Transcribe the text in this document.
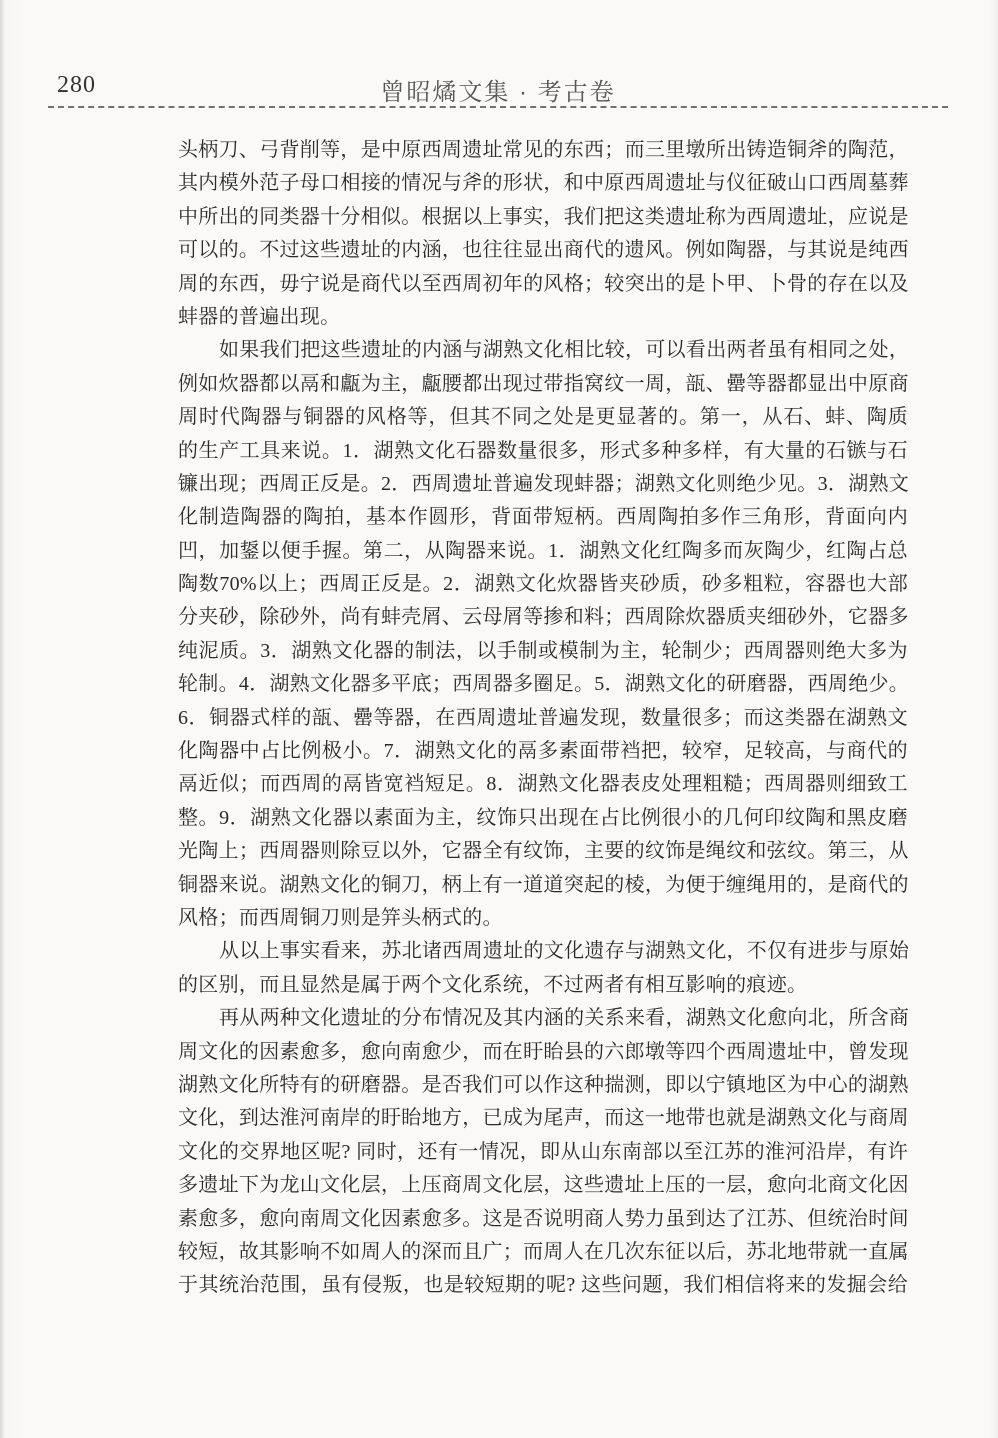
280	曾昭燏文集 · 考古卷
头柄刀、弓背削等，是中原西周遗址常见的东西；而三里墩所出铸造铜斧的陶范，
其内模外范子母口相接的情况与斧的形状，和中原西周遗址与仪征破山口西周墓葬
中所出的同类器十分相似。根据以上事实，我们把这类遗址称为西周遗址，应说是
可以的。不过这些遗址的内涵，也往往显出商代的遗风。例如陶器，与其说是纯西
周的东西，毋宁说是商代以至西周初年的风格；较突出的是卜甲、卜骨的存在以及
蚌器的普遍出现。
如果我们把这些遗址的内涵与湖熟文化相比较，可以看出两者虽有相同之处，
例如炊器都以鬲和甗为主，甗腰都出现过带指窝纹一周，瓿、罍等器都显出中原商
周时代陶器与铜器的风格等，但其不同之处是更显著的。第一，从石、蚌、陶质
的生产工具来说。1．湖熟文化石器数量很多，形式多种多样，有大量的石镞与石
镰出现；西周正反是。2．西周遗址普遍发现蚌器；湖熟文化则绝少见。3．湖熟文
化制造陶器的陶拍，基本作圆形，背面带短柄。西周陶拍多作三角形，背面向内
凹，加鋬以便手握。第二，从陶器来说。1．湖熟文化红陶多而灰陶少，红陶占总
陶数70%以上；西周正反是。2．湖熟文化炊器皆夹砂质，砂多粗粒，容器也大部
分夹砂，除砂外，尚有蚌壳屑、云母屑等掺和料；西周除炊器质夹细砂外，它器多
纯泥质。3．湖熟文化器的制法，以手制或模制为主，轮制少；西周器则绝大多为
轮制。4．湖熟文化器多平底；西周器多圈足。5．湖熟文化的研磨器，西周绝少。
6．铜器式样的瓿、罍等器，在西周遗址普遍发现，数量很多；而这类器在湖熟文
化陶器中占比例极小。7．湖熟文化的鬲多素面带裆把，较窄，足较高，与商代的
鬲近似；而西周的鬲皆宽裆短足。8．湖熟文化器表皮处理粗糙；西周器则细致工
整。9．湖熟文化器以素面为主，纹饰只出现在占比例很小的几何印纹陶和黑皮磨
光陶上；西周器则除豆以外，它器全有纹饰，主要的纹饰是绳纹和弦纹。第三，从
铜器来说。湖熟文化的铜刀，柄上有一道道突起的棱，为便于缠绳用的，是商代的
风格；而西周铜刀则是笄头柄式的。
从以上事实看来，苏北诸西周遗址的文化遗存与湖熟文化，不仅有进步与原始
的区别，而且显然是属于两个文化系统，不过两者有相互影响的痕迹。
再从两种文化遗址的分布情况及其内涵的关系来看，湖熟文化愈向北，所含商
周文化的因素愈多，愈向南愈少，而在盱眙县的六郎墩等四个西周遗址中，曾发现
湖熟文化所特有的研磨器。是否我们可以作这种揣测，即以宁镇地区为中心的湖熟
文化，到达淮河南岸的盱眙地方，已成为尾声，而这一地带也就是湖熟文化与商周
文化的交界地区呢? 同时，还有一情况，即从山东南部以至江苏的淮河沿岸，有许
多遗址下为龙山文化层，上压商周文化层，这些遗址上压的一层，愈向北商文化因
素愈多，愈向南周文化因素愈多。这是否说明商人势力虽到达了江苏、但统治时间
较短，故其影响不如周人的深而且广；而周人在几次东征以后，苏北地带就一直属
于其统治范围，虽有侵叛，也是较短期的呢? 这些问题，我们相信将来的发掘会给
